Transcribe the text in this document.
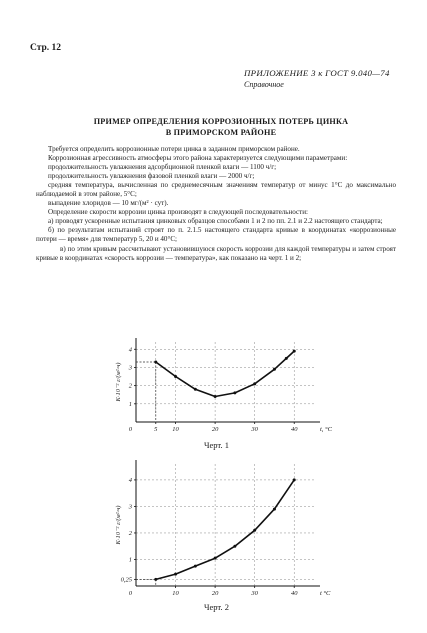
Стр. 12
ПРИЛОЖЕНИЕ 3 к ГОСТ 9.040—74
Справочное
ПРИМЕР ОПРЕДЕЛЕНИЯ КОРРОЗИОННЫХ ПОТЕРЬ ЦИНКА
В ПРИМОРСКОМ РАЙОНЕ

Требуется определить коррозионные потери цинка в заданном приморском районе.

Коррозионная агрессивность атмосферы этого района характеризуется следующими параметрами:

продолжительность увлажнения адсорбционной пленкой влаги — 1100 ч/г;

продолжительность увлажнения фазовой пленкой влаги — 2000 ч/г;

средняя температура, вычисленная по среднемесячным значениям температур от минус 1°C до максимально наблюдаемой в этом районе, 5°C;

выпадение хлоридов — 10 мг/(м² · сут).

Определение скорости коррозии цинка производят в следующей последовательности:

а) проводят ускоренные испытания цинковых образцов способами 1 и 2 по пп. 2.1 и 2.2 настоящего стандарта;

б) по результатам испытаний строят по п. 2.1.5 настоящего стандарта кривые в координатах «коррозионные потери — время» для температур 5, 20 и 40°C;

в) по этим кривым рассчитывают установившуюся скорость коррозии для каждой температуры и затем строят кривые в координатах «скорость коррозии — температура», как показано на черт. 1 и 2;

5 10	20	30	40
1
2
3
4
0	t, °C
K·10⁻² г/(м²·ч)
Черт. 1
10	20	30	40
0,25
1
2
3
4
0	t °C
K·10⁻² г/(м²·ч)
Черт. 2
